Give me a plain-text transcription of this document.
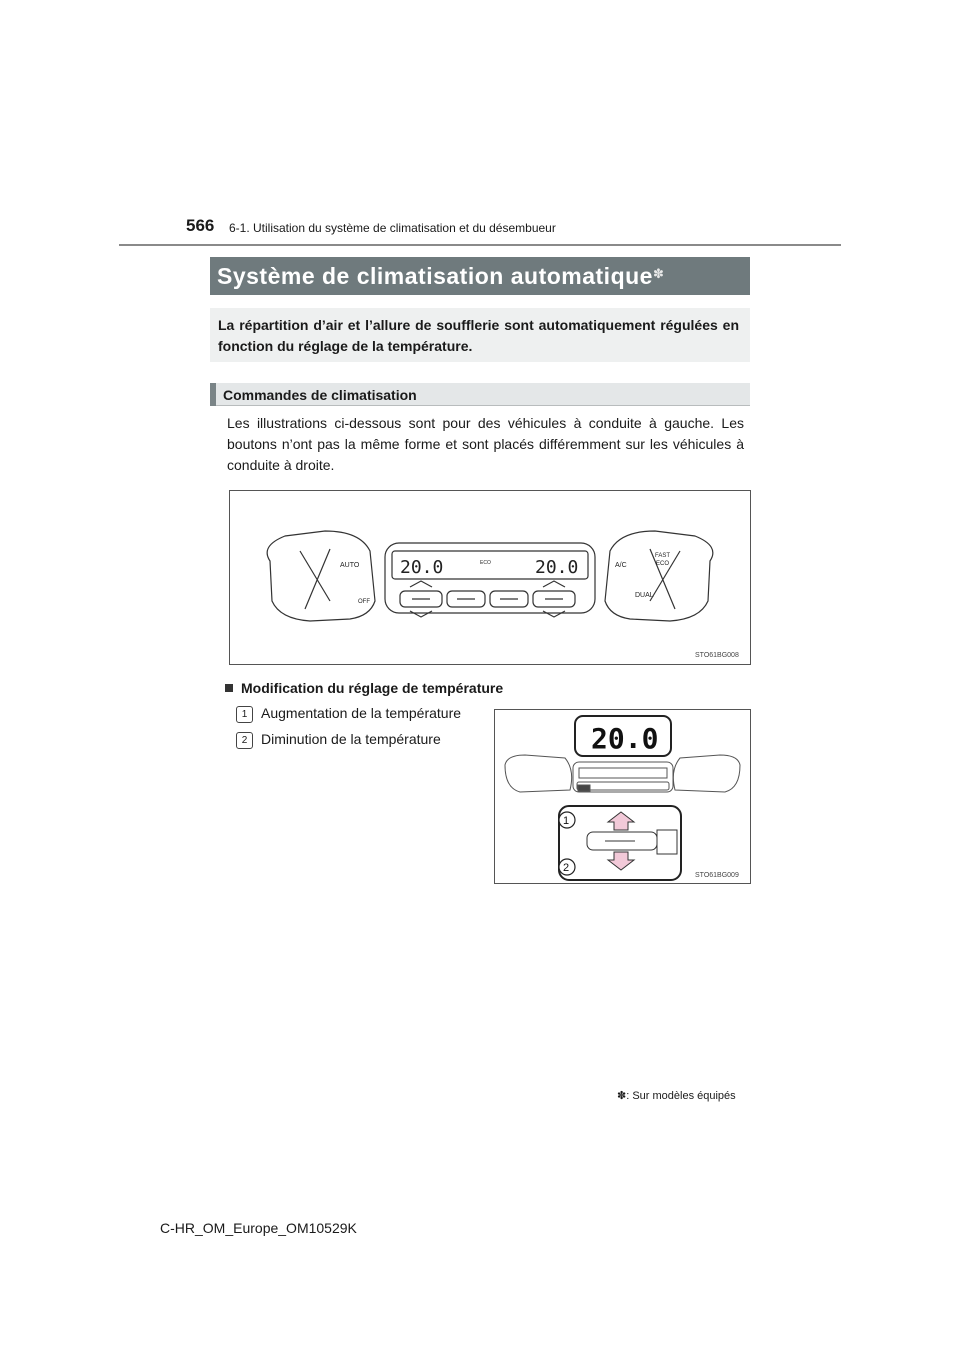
566 6-1. Utilisation du système de climatisation et du désembueur
Système de climatisation automatique✽
La répartition d’air et l’allure de soufflerie sont automatiquement régulées en fonction du réglage de la température.
Commandes de climatisation
Les illustrations ci-dessous sont pour des véhicules à conduite à gauche. Les boutons n’ont pas la même forme et sont placés différemment sur les véhicules à conduite à droite.
20.0	20.0
ECO
AUTO
OFF
A/C
FAST
ECO
DUAL
STO61BG008
Modification du réglage de température
1 Augmentation de la température
2 Diminution de la température	20.0
1
2
STO61BG009
✽: Sur modèles équipés
C-HR_OM_Europe_OM10529K
